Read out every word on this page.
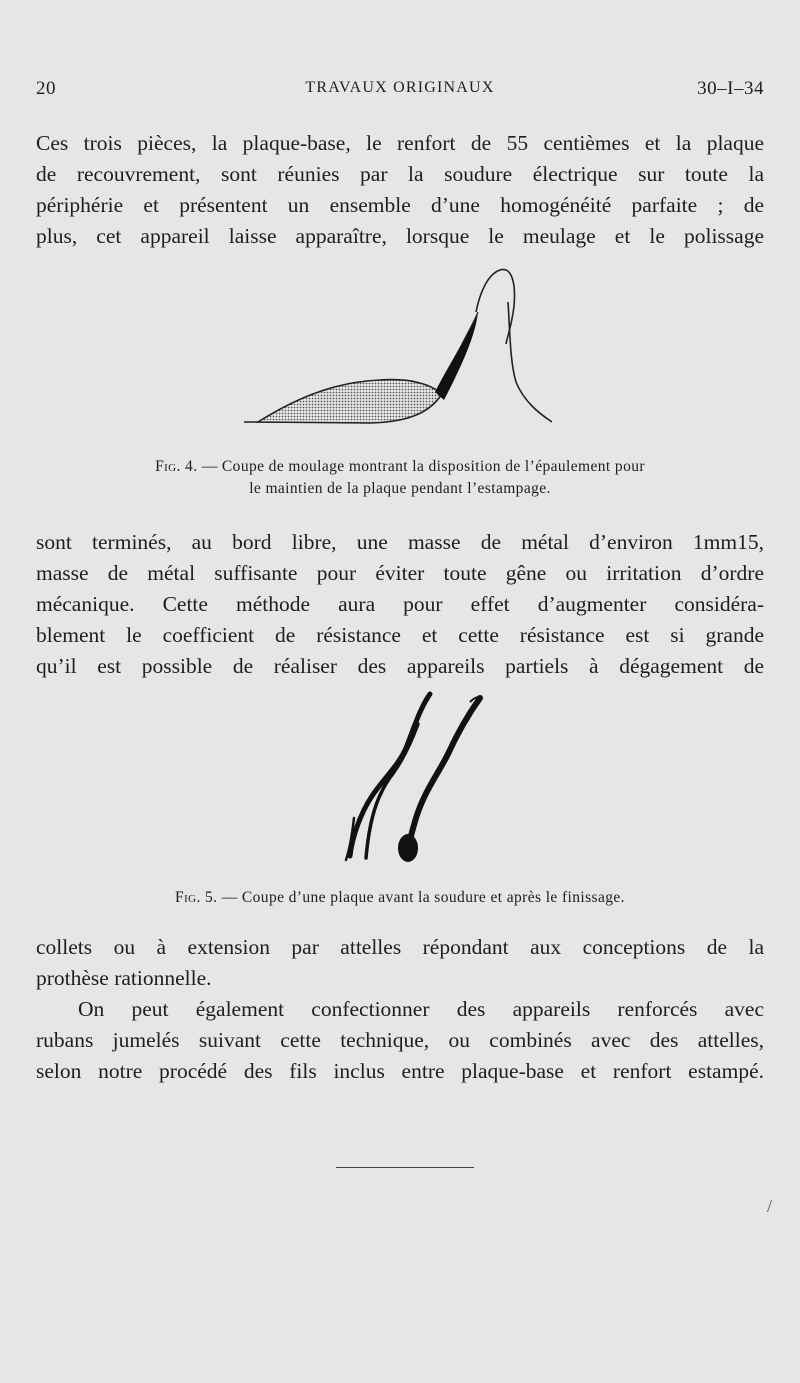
20	TRAVAUX ORIGINAUX	30–I–34
Ces trois pièces, la plaque-base, le renfort de 55 centièmes et la plaque
de recouvrement, sont réunies par la soudure électrique sur toute la
périphérie et présentent un ensemble d’une homogénéité parfaite ; de
plus, cet appareil laisse apparaître, lorsque le meulage et le polissage
Fig. 4. — Coupe de moulage montrant la disposition de l’épaulement pour
le maintien de la plaque pendant l’estampage.
sont terminés, au bord libre, une masse de métal d’environ 1mm15,
masse de métal suffisante pour éviter toute gêne ou irritation d’ordre
mécanique. Cette méthode aura pour effet d’augmenter considéra-
blement le coefficient de résistance et cette résistance est si grande
qu’il est possible de réaliser des appareils partiels à dégagement de
Fig. 5. — Coupe d’une plaque avant la soudure et après le finissage.
collets ou à extension par attelles répondant aux conceptions de la
prothèse rationnelle.
On peut également confectionner des appareils renforcés avec
rubans jumelés suivant cette technique, ou combinés avec des attelles,
selon notre procédé des fils inclus entre plaque-base et renfort estampé.
/
